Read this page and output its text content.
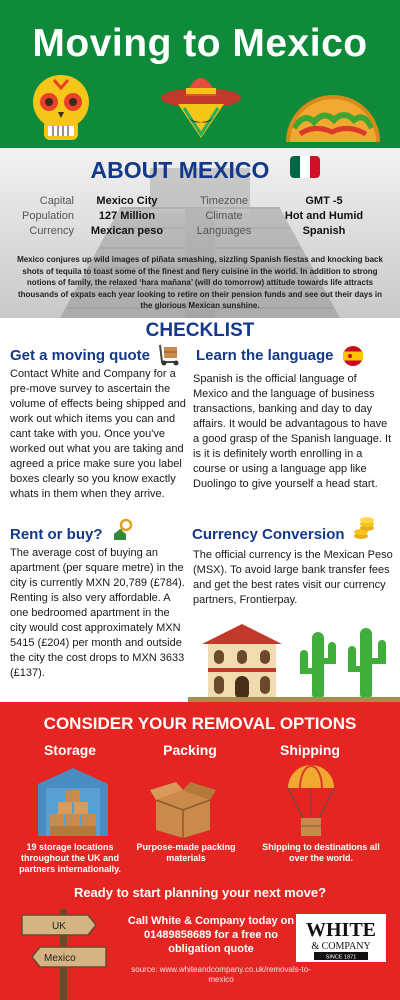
Moving to Mexico
ABOUT MEXICO
Capital
Population
Currency
Mexico City
127 Million
Mexican peso
Timezone
Climate
Languages
GMT -5
Hot and Humid
Spanish
Mexico conjures up wild images of piñata smashing, sizzling Spanish fiestas and knocking back shots of tequila to toast some of the finest and fiery cuisine in the world. In addition to strong notions of family, the relaxed ‘hara mañana’ (will do tomorrow) attitude towards life attracts thousands of expats each year looking to retire on their pension funds and see out their days in the glorious Mexican sunshine.
CHECKLIST
Get a moving quote
Contact White and Company for a pre-move survey to ascertain the volume of effects being shipped and work out which items you can and cant take with you. Once you've worked out what you are taking and agreed a price make sure you label boxes clearly so you know exactly whats in them when they arrive.
Learn the language
Spanish is the official language of Mexico and the language of business transactions, banking and day to day affairs. It would be advantagous to have a good grasp of the Spanish language. It is it is definitely worth enrolling in a course or using a language app like Duolingo to give yourself a head start.
Rent or buy?
The average cost of buying an apartment (per square metre) in the city is currently MXN 20,789 (£784). Renting is also very affordable. A one bedroomed apartment in the city would cost approximately MXN 5415 (£204) per month and outside the city the cost drops to MXN 3633 (£137).
Currency Conversion
The official currency is the Mexican Peso (MSX). To avoid large bank transfer fees and get the best rates visit our currency partners, Frontierpay.
CONSIDER YOUR REMOVAL OPTIONS
Storage	Packing	Shipping
19 storage locations throughout the UK and partners internationally.
Purpose-made packing materials
Shipping to destinations all over the world.
Ready to start planning your next move?
UK
Mexico
Call White & Company today on 01489858689 for a free no obligation quote
source: www.whiteandcompany.co.uk/removals-to-mexico
WHITE
& COMPANY
SINCE 1871
